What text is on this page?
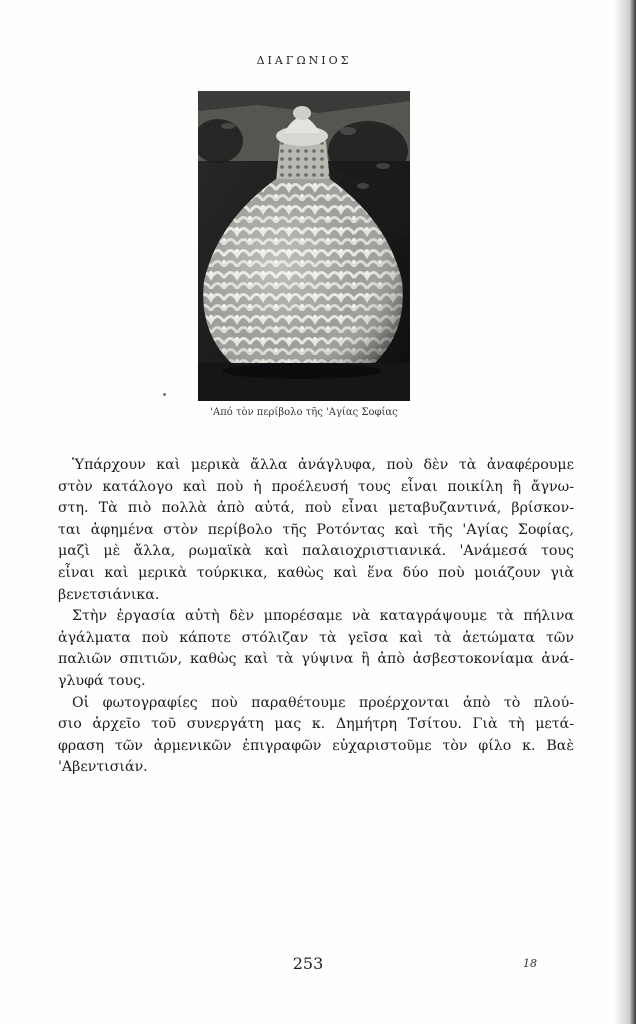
ΔΙΑΓΩΝΙΟΣ
'Από τὸν περίβολο τῆς 'Αγίας Σοφίας

Ὑπάρχουν καὶ μερικὰ ἄλλα ἀνάγλυφα, ποὺ δὲν τὰ ἀναφέρουμε
στὸν κατάλογο καὶ ποὺ ἡ προέλευσή τους εἶναι ποικίλη ἢ ἄγνω-
στη. Τὰ πιὸ πολλὰ ἀπὸ αὐτά, ποὺ εἶναι μεταβυζαντινά, βρίσκον-
ται ἀφημένα στὸν περίβολο τῆς Ροτόντας καὶ τῆς 'Αγίας Σοφίας,
μαζὶ μὲ ἄλλα, ρωμαϊκὰ καὶ παλαιοχριστιανικά. 'Ανάμεσά τους
εἶναι καὶ μερικὰ τούρκικα, καθὼς καὶ ἕνα δύο ποὺ μοιάζουν γιὰ
βενετσιάνικα.

Στὴν ἐργασία αὐτὴ δὲν μπορέσαμε νὰ καταγράψουμε τὰ πήλινα
ἀγάλματα ποὺ κάποτε στόλιζαν τὰ γεῖσα καὶ τὰ ἀετώματα τῶν
παλιῶν σπιτιῶν, καθὼς καὶ τὰ γύψινα ἢ ἀπὸ ἀσβεστοκονίαμα ἀνά-
γλυφά τους.

Οἱ φωτογραφίες ποὺ παραθέτουμε προέρχονται ἀπὸ τὸ πλού-
σιο ἀρχεῖο τοῦ συνεργάτη μας κ. Δημήτρη Τσίτου. Γιὰ τὴ μετά-
φραση τῶν ἀρμενικῶν ἐπιγραφῶν εὐχαριστοῦμε τὸν φίλο κ. Βαὲ
'Αβεντισιάν.

253	18
